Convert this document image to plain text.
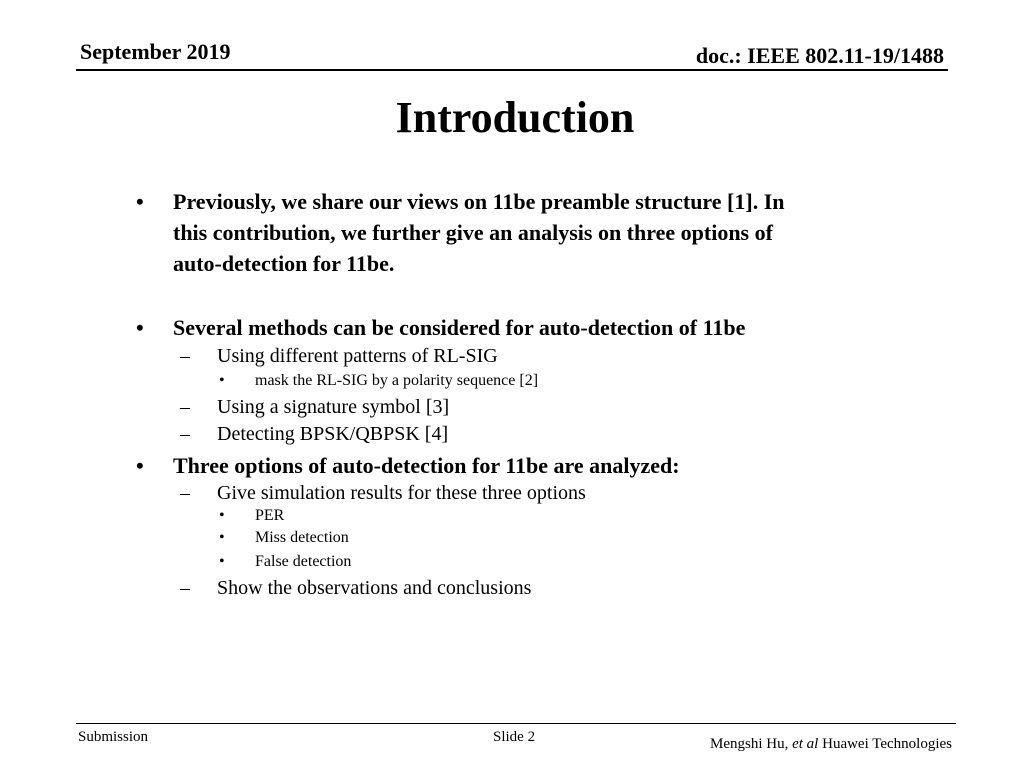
September 2019	doc.: IEEE 802.11-19/1488
Introduction
• Previously, we share our views on 11be preamble structure [1]. In
this contribution, we further give an analysis on three options of
auto-detection for 11be.
• Several methods can be considered for auto-detection of 11be
– Using different patterns of RL-SIG
• mask the RL-SIG by a polarity sequence [2]
– Using a signature symbol [3]
– Detecting BPSK/QBPSK [4]
• Three options of auto-detection for 11be are analyzed:
– Give simulation results for these three options
• PER
• Miss detection
• False detection
– Show the observations and conclusions
Submission	Slide 2	Mengshi Hu, et al Huawei Technologies
